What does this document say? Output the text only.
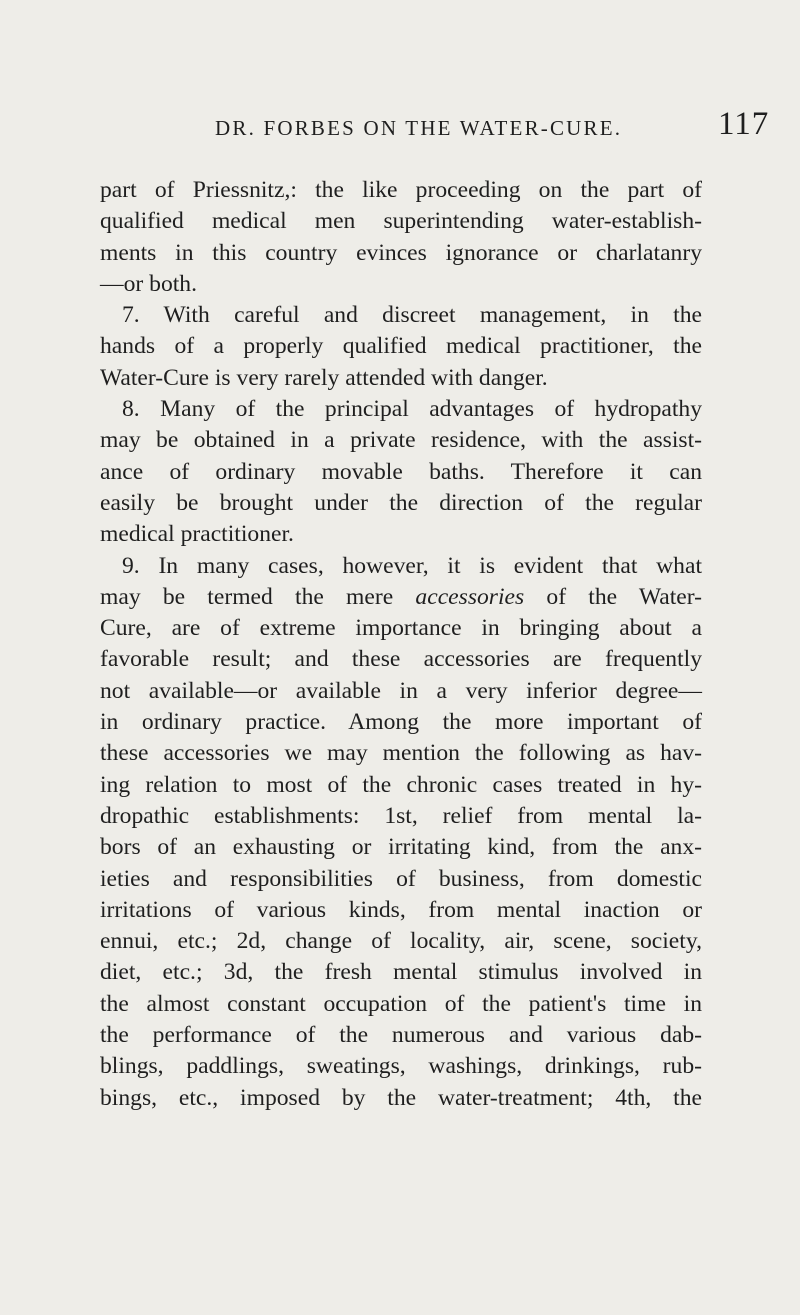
DR. FORBES ON THE WATER-CURE.	117
part of Priessnitz,: the like proceeding on the part of
qualified medical men superintending water-establish-
ments in this country evinces ignorance or charlatanry
—or both.
7. With careful and discreet management, in the
hands of a properly qualified medical practitioner, the
Water-Cure is very rarely attended with danger.
8. Many of the principal advantages of hydropathy
may be obtained in a private residence, with the assist-
ance of ordinary movable baths. Therefore it can
easily be brought under the direction of the regular
medical practitioner.
9. In many cases, however, it is evident that what
may be termed the mere accessories of the Water-
Cure, are of extreme importance in bringing about a
favorable result; and these accessories are frequently
not available—or available in a very inferior degree—
in ordinary practice. Among the more important of
these accessories we may mention the following as hav-
ing relation to most of the chronic cases treated in hy-
dropathic establishments: 1st, relief from mental la-
bors of an exhausting or irritating kind, from the anx-
ieties and responsibilities of business, from domestic
irritations of various kinds, from mental inaction or
ennui, etc.; 2d, change of locality, air, scene, society,
diet, etc.; 3d, the fresh mental stimulus involved in
the almost constant occupation of the patient's time in
the performance of the numerous and various dab-
blings, paddlings, sweatings, washings, drinkings, rub-
bings, etc., imposed by the water-treatment; 4th, the
